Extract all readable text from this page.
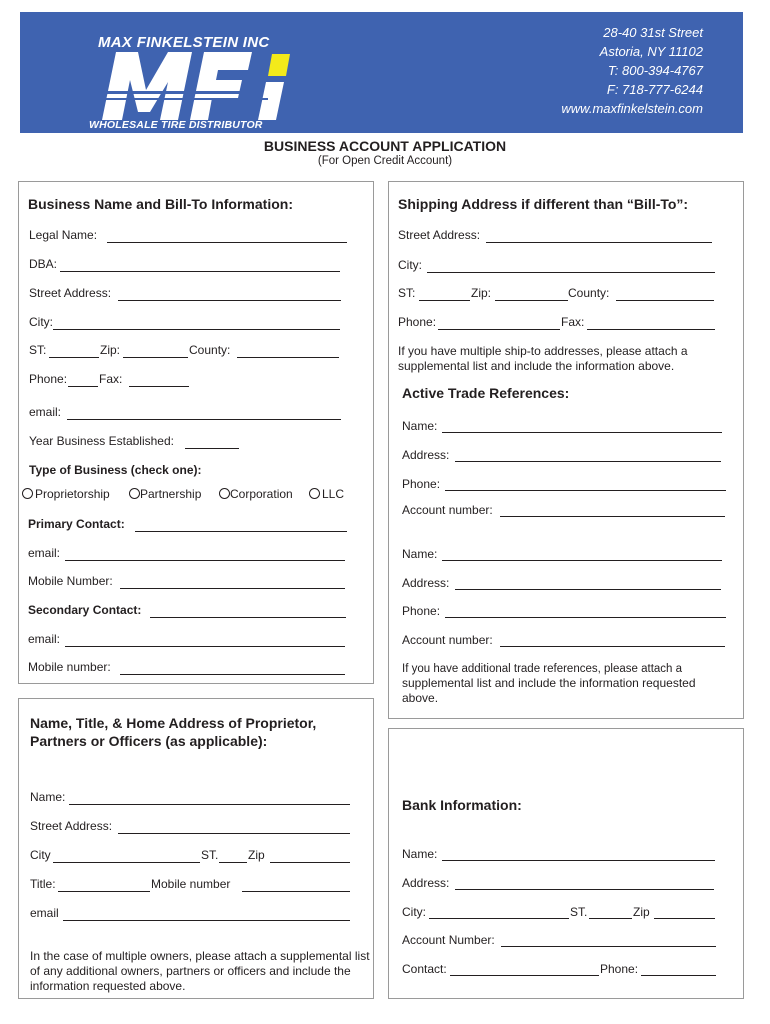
MAX FINKELSTEIN INC
WHOLESALE TIRE DISTRIBUTOR
28-40 31st Street
Astoria, NY 11102
T: 800-394-4767
F: 718-777-6244
www.maxfinkelstein.com
BUSINESS ACCOUNT APPLICATION
(For Open Credit Account)
Business Name and Bill-To Information:
Legal Name:
DBA:
Street Address:
City:
ST:	Zip:	County:
Phone:	Fax:
email:
Year Business Established:
Type of Business (check one):
Proprietorship	Partnership Corporation LLC
Primary Contact:
email:
Mobile Number:
Secondary Contact:
email:
Mobile number:
Shipping Address if different than “Bill-To”:
Street Address:
City:
ST:	Zip:	County:
Phone:	Fax:
If you have multiple ship-to addresses, please attach a supplemental list and include the information above.
Active Trade References:
Name:
Address:
Phone:
Account number:
Name:
Address:
Phone:
Account number:
If you have additional trade references, please attach a
supplemental list and include the information requested above.
Name, Title, & Home Address of Proprietor,
Partners or Officers (as applicable):
Name:
Street Address:
City	ST. Zip
Title:	Mobile number
email
In the case of multiple owners, please attach a supplemental list of any additional owners, partners or officers and include the information requested above.
Bank Information:
Name:
Address:
City:	ST.	Zip
Account Number:
Contact:	Phone:
